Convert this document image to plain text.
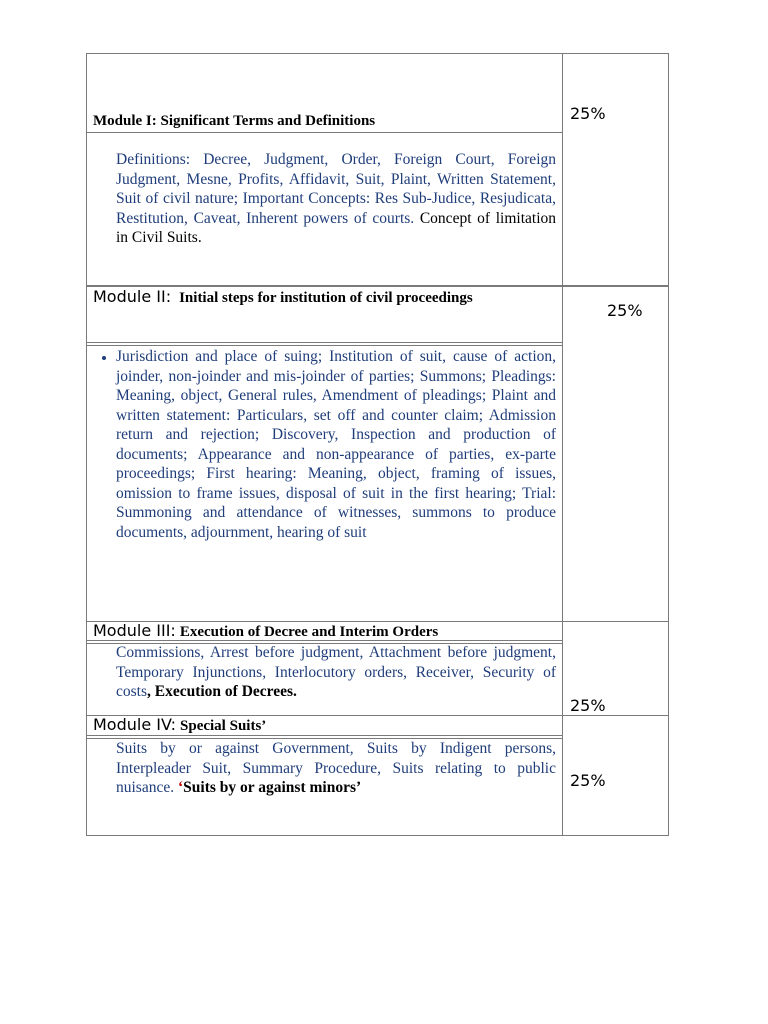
Module I: Significant Terms and Definitions
Definitions: Decree, Judgment, Order, Foreign Court, Foreign Judgment, Mesne, Profits, Affidavit, Suit, Plaint, Written Statement, Suit of civil nature; Important Concepts: Res Sub-Judice, Resjudicata, Restitution, Caveat, Inherent powers of courts. Concept of limitation in Civil Suits.
25%
Module II: Initial steps for institution of civil proceedings
• Jurisdiction and place of suing; Institution of suit, cause of action, joinder, non-joinder and mis-joinder of parties; Summons; Pleadings: Meaning, object, General rules, Amendment of pleadings; Plaint and written statement: Particulars, set off and counter claim; Admission return and rejection; Discovery, Inspection and production of documents; Appearance and non-appearance of parties, ex-parte proceedings; First hearing: Meaning, object, framing of issues, omission to frame issues, disposal of suit in the first hearing; Trial: Summoning and attendance of witnesses, summons to produce documents, adjournment, hearing of suit
25%
Module III: Execution of Decree and Interim Orders
Commissions, Arrest before judgment, Attachment before judgment, Temporary Injunctions, Interlocutory orders, Receiver, Security of costs, Execution of Decrees.
25%
Module IV: Special Suits’
Suits by or against Government, Suits by Indigent persons, Interpleader Suit, Summary Procedure, Suits relating to public nuisance. ‘Suits by or against minors’	25%
